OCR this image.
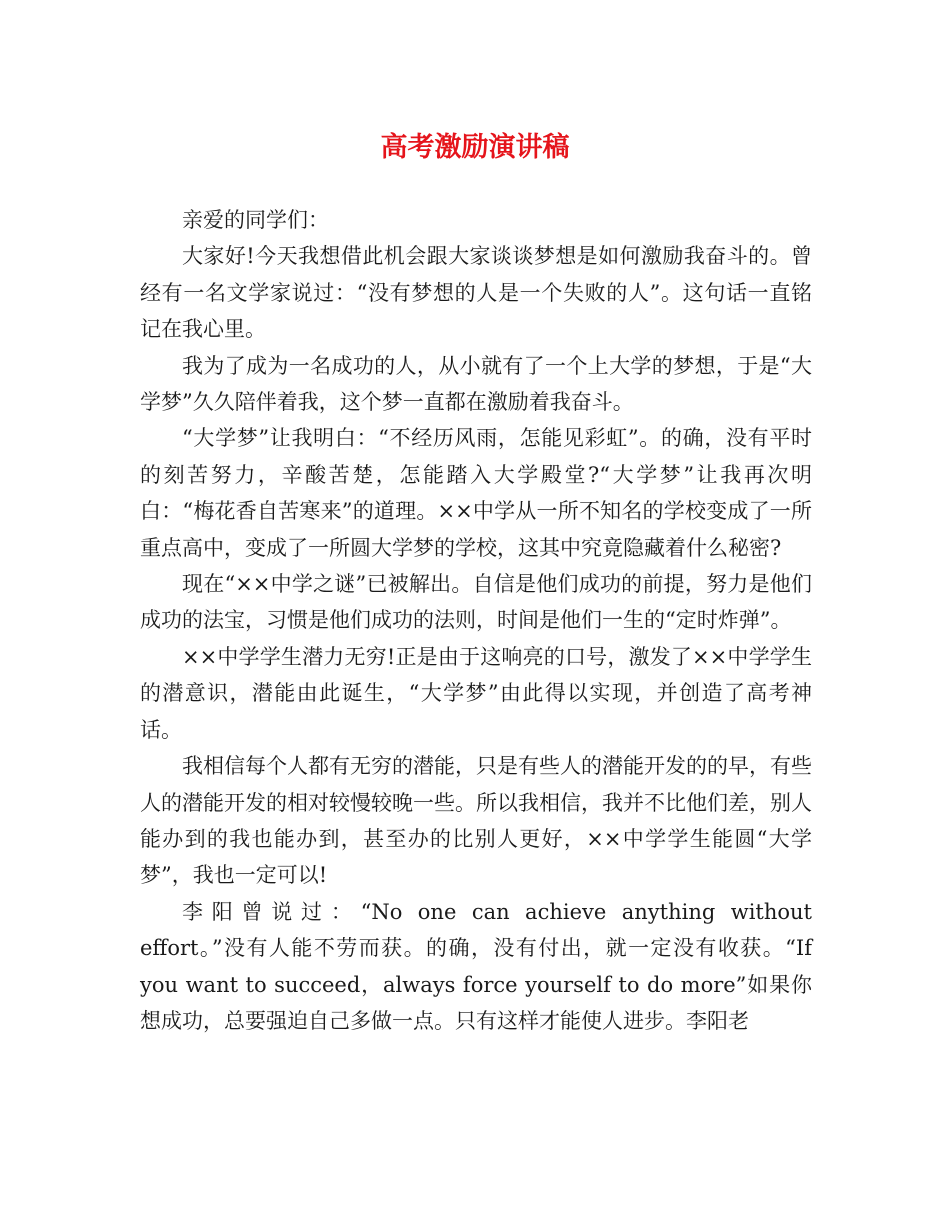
高考激励演讲稿

亲爱的同学们：

大家好!今天我想借此机会跟大家谈谈梦想是如何激励我奋斗的。曾经有一名文学家说过：“没有梦想的人是一个失败的人”。这句话一直铭记在我心里。

我为了成为一名成功的人，从小就有了一个上大学的梦想，于是“大学梦”久久陪伴着我，这个梦一直都在激励着我奋斗。

“大学梦”让我明白：“不经历风雨，怎能见彩虹”。的确，没有平时的刻苦努力，辛酸苦楚，怎能踏入大学殿堂?“大学梦”让我再次明白：“梅花香自苦寒来”的道理。××中学从一所不知名的学校变成了一所重点高中，变成了一所圆大学梦的学校，这其中究竟隐藏着什么秘密?

现在“××中学之谜”已被解出。自信是他们成功的前提，努力是他们成功的法宝，习惯是他们成功的法则，时间是他们一生的“定时炸弹”。

××中学学生潜力无穷!正是由于这响亮的口号，激发了××中学学生的潜意识，潜能由此诞生，“大学梦”由此得以实现，并创造了高考神话。

我相信每个人都有无穷的潜能，只是有些人的潜能开发的的早，有些人的潜能开发的相对较慢较晚一些。所以我相信，我并不比他们差，别人能办到的我也能办到，甚至办的比别人更好，××中学学生能圆“大学梦”，我也一定可以!

李阳曾说过：“No one can achieve anything without effort。”没有人能不劳而获。的确，没有付出，就一定没有收获。“If you want to succeed，always force yourself to do more”如果你想成功，总要强迫自己多做一点。只有这样才能使人进步。李阳老
